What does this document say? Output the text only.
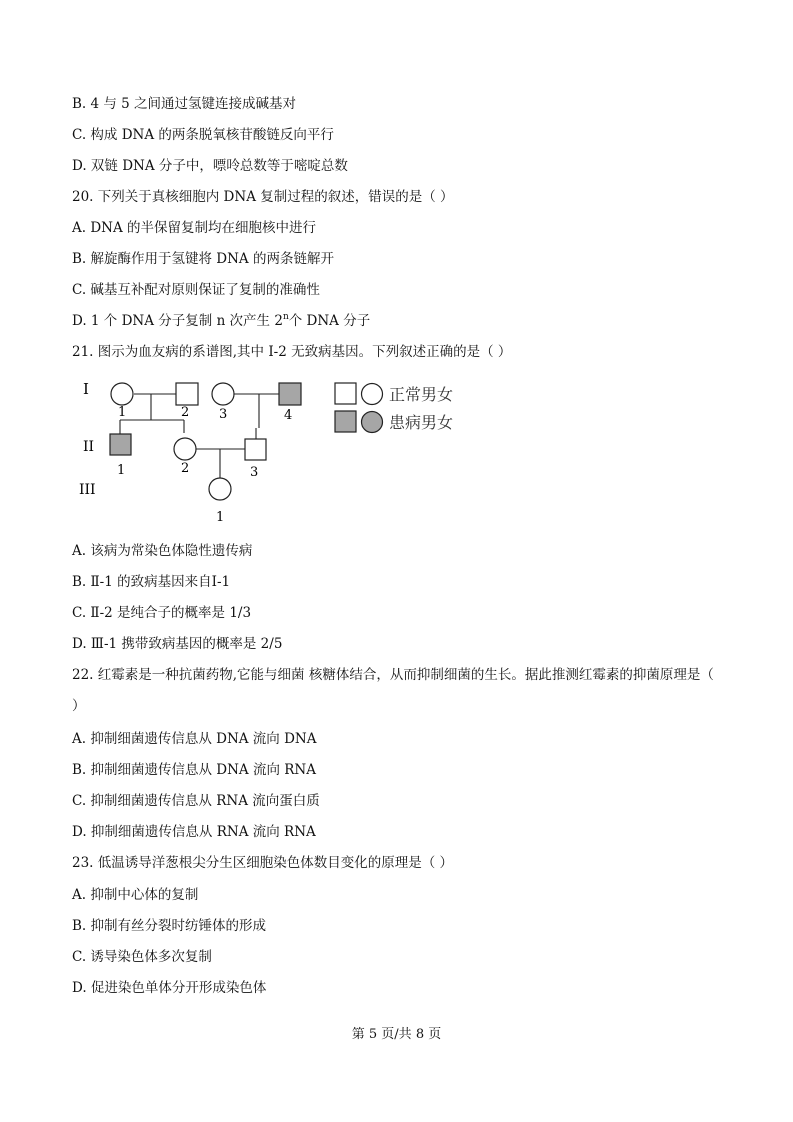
B. 4 与 5 之间通过氢键连接成碱基对
C. 构成 DNA 的两条脱氧核苷酸链反向平行
D. 双链 DNA 分子中，嘌呤总数等于嘧啶总数
20. 下列关于真核细胞内 DNA 复制过程的叙述，错误的是（ ）
A. DNA 的半保留复制均在细胞核中进行
B. 解旋酶作用于氢键将 DNA 的两条链解开
C. 碱基互补配对原则保证了复制的准确性
D. 1 个 DNA 分子复制 n 次产生 2$^n$个 DNA 分子
21. 图示为血友病的系谱图,其中 I-2 无致病基因。下列叙述正确的是（ ）
I
II
III
1	2 3	4
1	2	3
1
正常男女
患病男女
A. 该病为常染色体隐性遗传病
B. Ⅱ-1 的致病基因来自Ⅰ-1
C. Ⅱ-2 是纯合子的概率是 1/3
D. Ⅲ-1 携带致病基因的概率是 2/5
22. 红霉素是一种抗菌药物,它能与细菌 核糖体结合，从而抑制细菌的生长。据此推测红霉素的抑菌原理是（ ）
A. 抑制细菌遗传信息从 DNA 流向 DNA
B. 抑制细菌遗传信息从 DNA 流向 RNA
C. 抑制细菌遗传信息从 RNA 流向蛋白质
D. 抑制细菌遗传信息从 RNA 流向 RNA
23. 低温诱导洋葱根尖分生区细胞染色体数目变化的原理是（ ）
A. 抑制中心体的复制
B. 抑制有丝分裂时纺锤体的形成
C. 诱导染色体多次复制
D. 促进染色单体分开形成染色体
第 5 页/共 8 页
